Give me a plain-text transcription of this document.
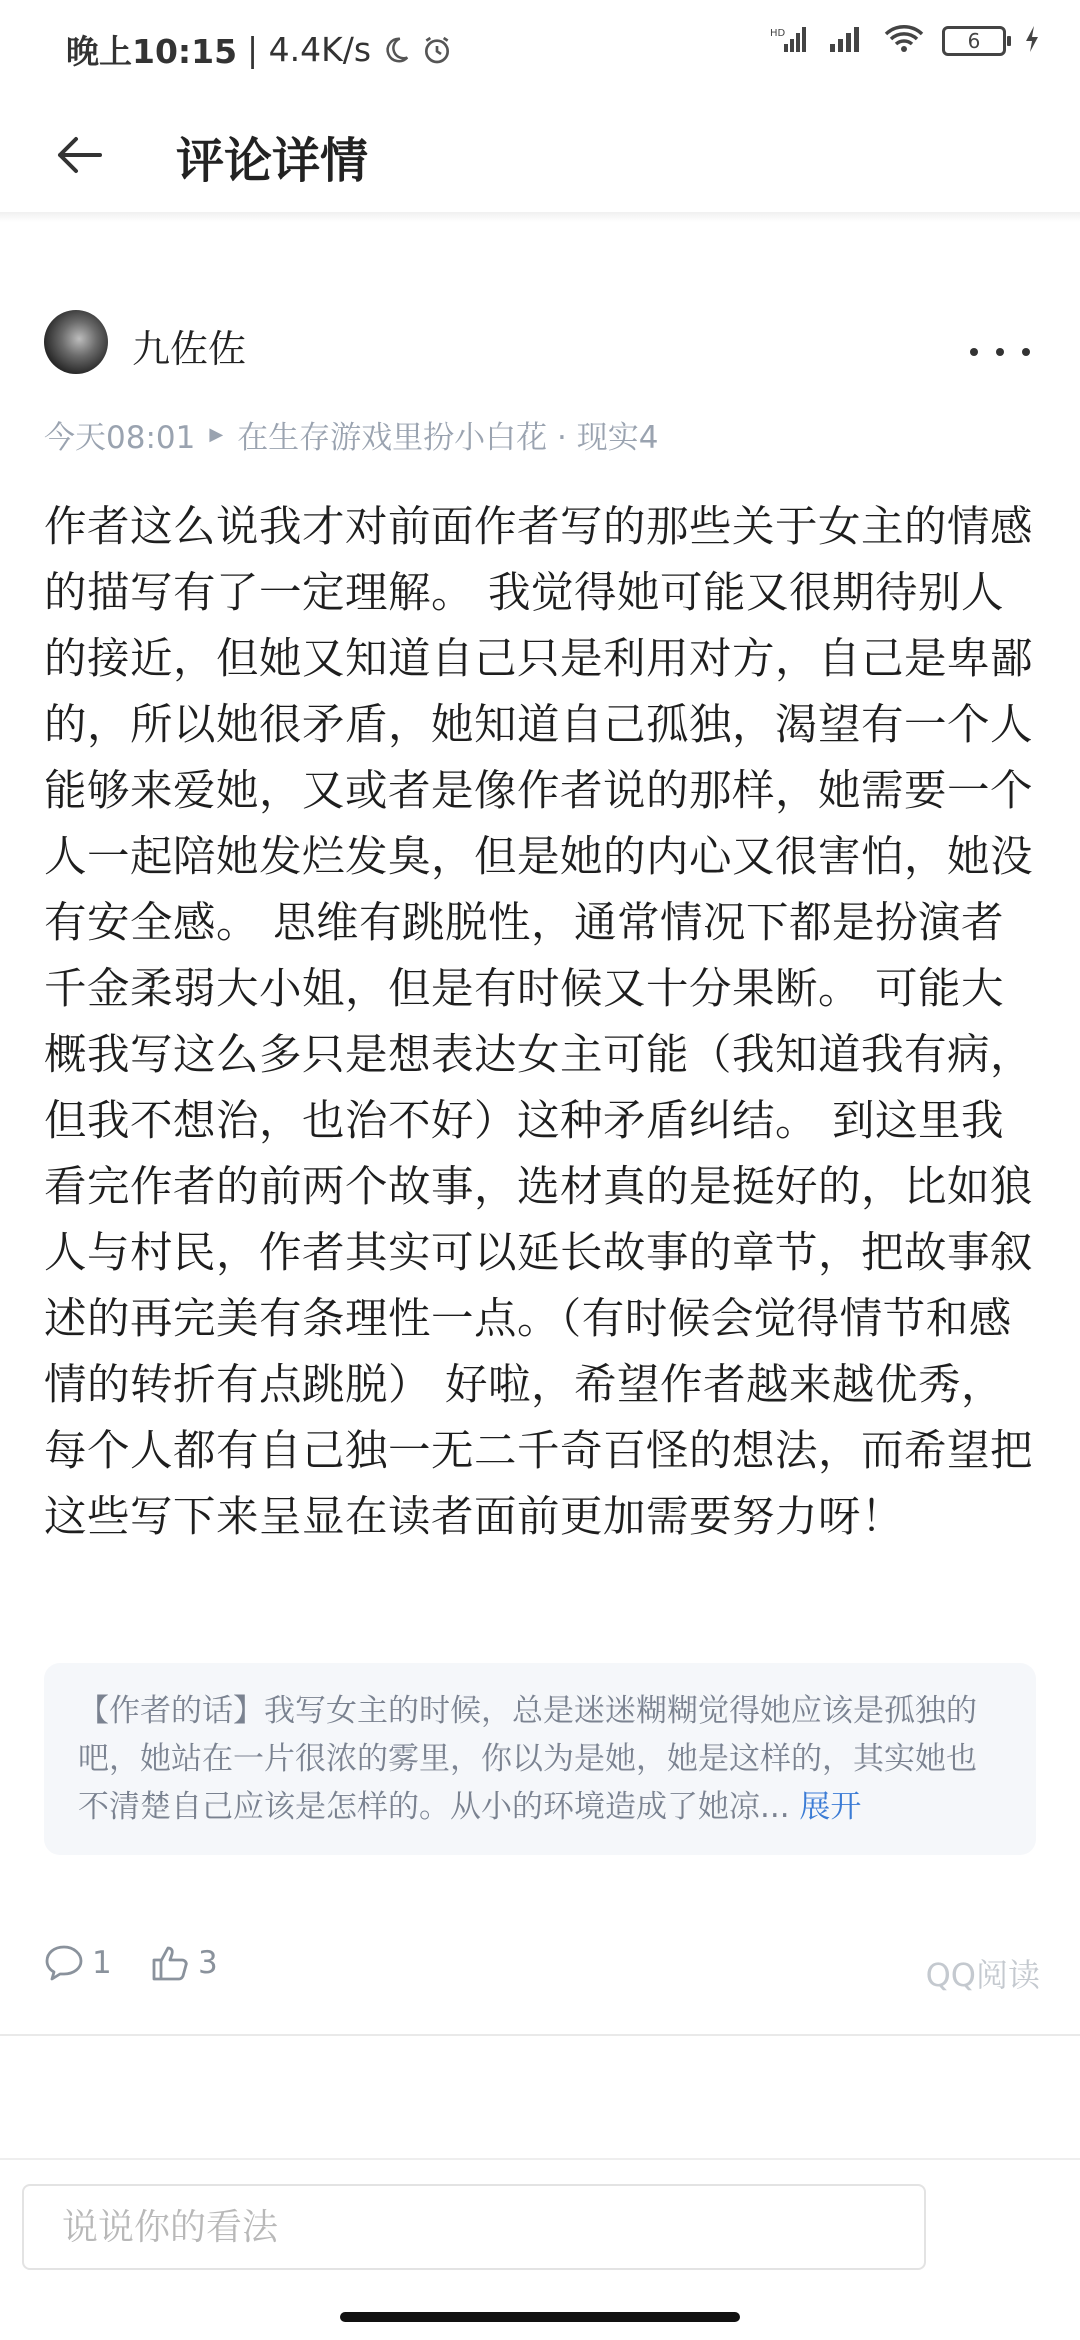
晚上10:15 | 4.4K/s	HD	6
评论详情
九佐佐
今天08:01 ▶ 在生存游戏里扮小白花 · 现实4
作者这么说我才对前面作者写的那些关于女主的情感的描写有了一定理解。 我觉得她可能又很期待别人的接近，但她又知道自己只是利用对方，自己是卑鄙的，所以她很矛盾，她知道自己孤独，渴望有一个人能够来爱她，又或者是像作者说的那样，她需要一个人一起陪她发烂发臭，但是她的内心又很害怕，她没有安全感。 思维有跳脱性，通常情况下都是扮演者千金柔弱大小姐，但是有时候又十分果断。 可能大概我写这么多只是想表达女主可能（我知道我有病，但我不想治，也治不好）这种矛盾纠结。 到这里我看完作者的前两个故事，选材真的是挺好的，比如狼人与村民，作者其实可以延长故事的章节，把故事叙述的再完美有条理性一点。（有时候会觉得情节和感情的转折有点跳脱） 好啦，希望作者越来越优秀，每个人都有自己独一无二千奇百怪的想法，而希望把这些写下来呈显在读者面前更加需要努力呀！
【作者的话】我写女主的时候，总是迷迷糊糊觉得她应该是孤独的吧，她站在一片很浓的雾里，你以为是她，她是这样的，其实她也不清楚自己应该是怎样的。从小的环境造成了她凉... 展开
1	3	QQ阅读
说说你的看法
